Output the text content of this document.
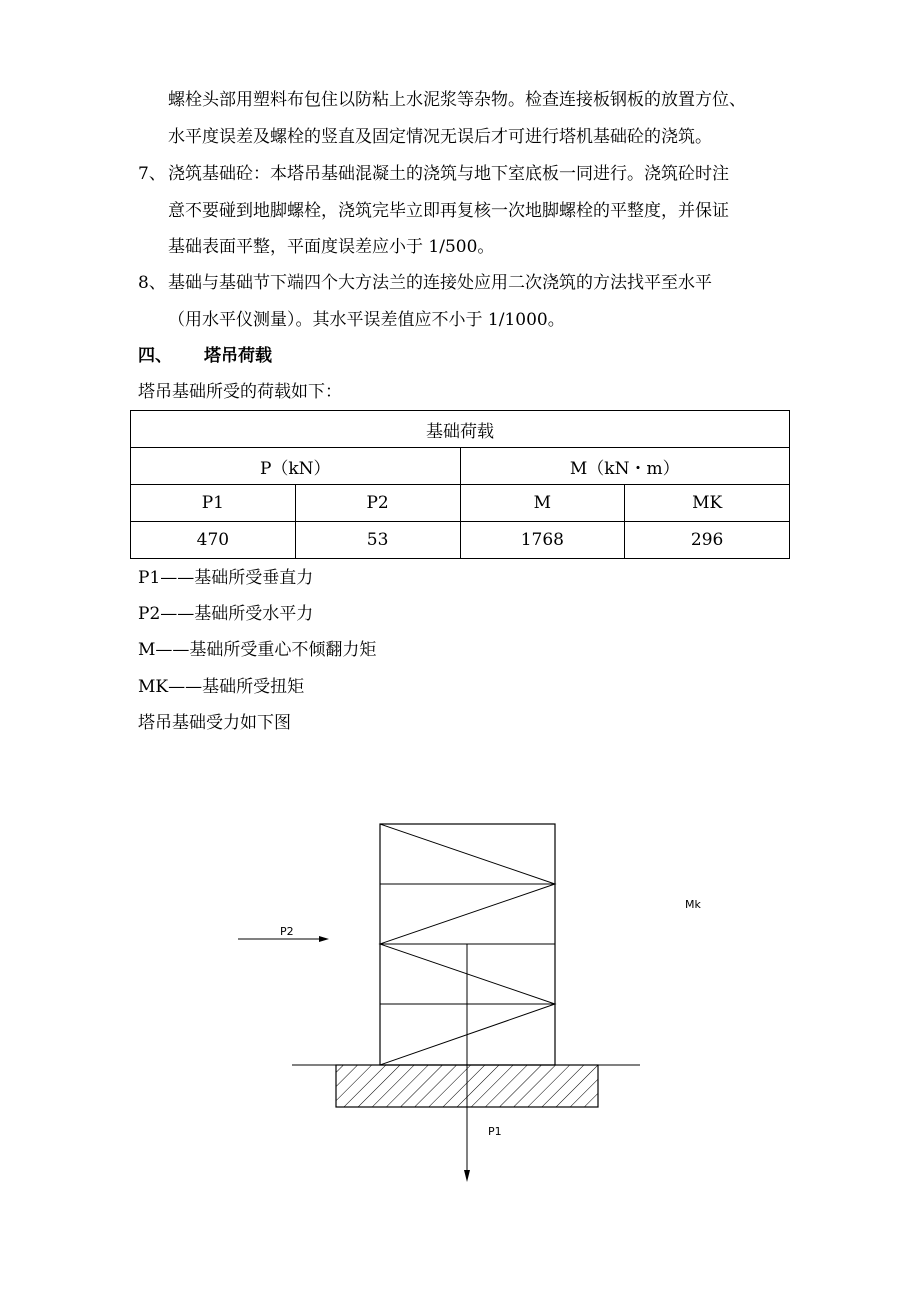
螺栓头部用塑料布包住以防粘上水泥浆等杂物。检查连接板钢板的放置方位、
水平度误差及螺栓的竖直及固定情况无误后才可进行塔机基础砼的浇筑。
7、 浇筑基础砼：本塔吊基础混凝土的浇筑与地下室底板一同进行。浇筑砼时注
意不要碰到地脚螺栓，浇筑完毕立即再复核一次地脚螺栓的平整度，并保证
基础表面平整，平面度误差应小于 1/500。
8、 基础与基础节下端四个大方法兰的连接处应用二次浇筑的方法找平至水平
（用水平仪测量）。其水平误差值应不小于 1/1000。
四、 塔吊荷载
塔吊基础所受的荷载如下：
基础荷载			
P（kN）		M（kN・m）	
P1	P2	M	MK
470	53	1768	296
P1——基础所受垂直力
P2——基础所受水平力
M——基础所受重心不倾翻力矩
MK——基础所受扭矩
塔吊基础受力如下图
P2
Mk
P1
